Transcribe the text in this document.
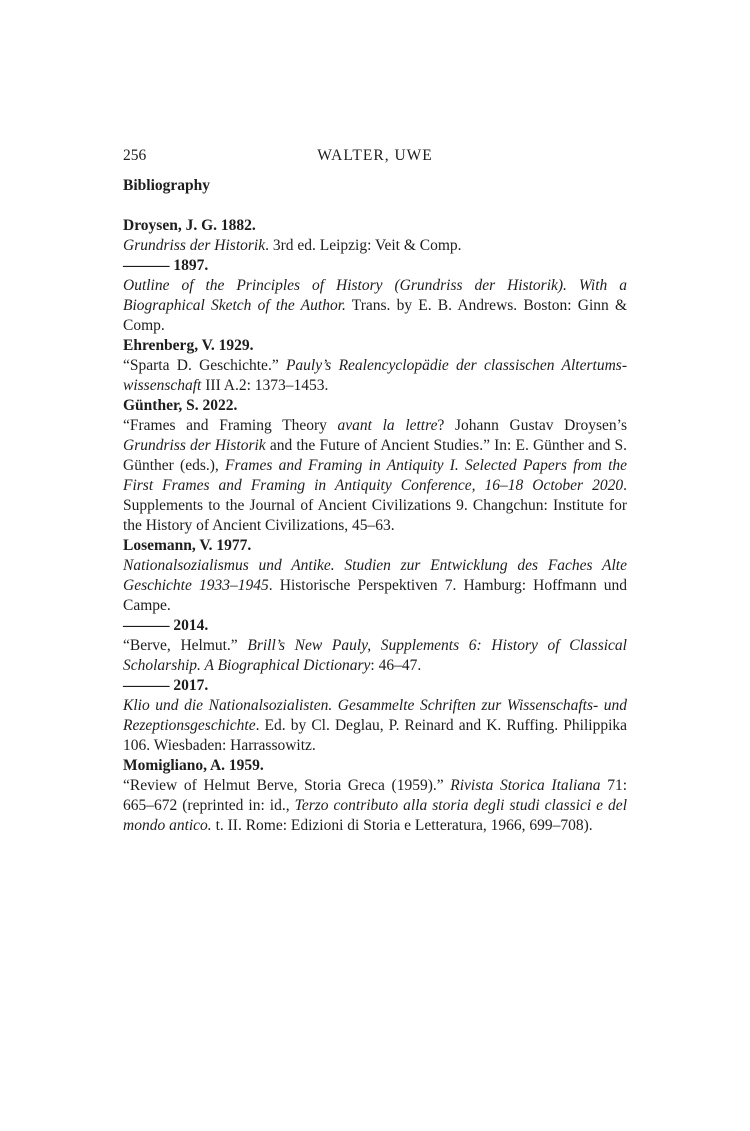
256	WALTER, UWE

Bibliography

Droysen, J. G. 1882.

Grundriss der Historik. 3rd ed. Leipzig: Veit & Comp.

——— 1897.

Outline of the Principles of History (Grundriss der Historik). With a Biographical Sketch of the Author. Trans. by E. B. Andrews. Boston: Ginn & Comp.

Ehrenberg, V. 1929.

“Sparta D. Geschichte.” Pauly’s Realencyclopädie der classischen Altertumswissenschaft III A.2: 1373–1453.

Günther, S. 2022.

“Frames and Framing Theory avant la lettre? Johann Gustav Droysen’s Grundriss der Historik and the Future of Ancient Studies.” In: E. Günther and S. Günther (eds.), Frames and Framing in Antiquity I. Selected Papers from the First Frames and Framing in Antiquity Conference, 16–18 October 2020. Supplements to the Journal of Ancient Civilizations 9. Changchun: Institute for the History of Ancient Civilizations, 45–63.

Losemann, V. 1977.

Nationalsozialismus und Antike. Studien zur Entwicklung des Faches Alte Geschichte 1933–1945. Historische Perspektiven 7. Hamburg: Hoffmann und Campe.

——— 2014.

“Berve, Helmut.” Brill’s New Pauly, Supplements 6: History of Classical Scholarship. A Biographical Dictionary: 46–47.

——— 2017.

Klio und die Nationalsozialisten. Gesammelte Schriften zur Wissenschafts- und Rezeptionsgeschichte. Ed. by Cl. Deglau, P. Reinard and K. Ruffing. Philippika 106. Wiesbaden: Harrassowitz.

Momigliano, A. 1959.

“Review of Helmut Berve, Storia Greca (1959).” Rivista Storica Italiana 71: 665–672 (reprinted in: id., Terzo contributo alla storia degli studi classici e del mondo antico. t. II. Rome: Edizioni di Storia e Letteratura, 1966, 699–708).
